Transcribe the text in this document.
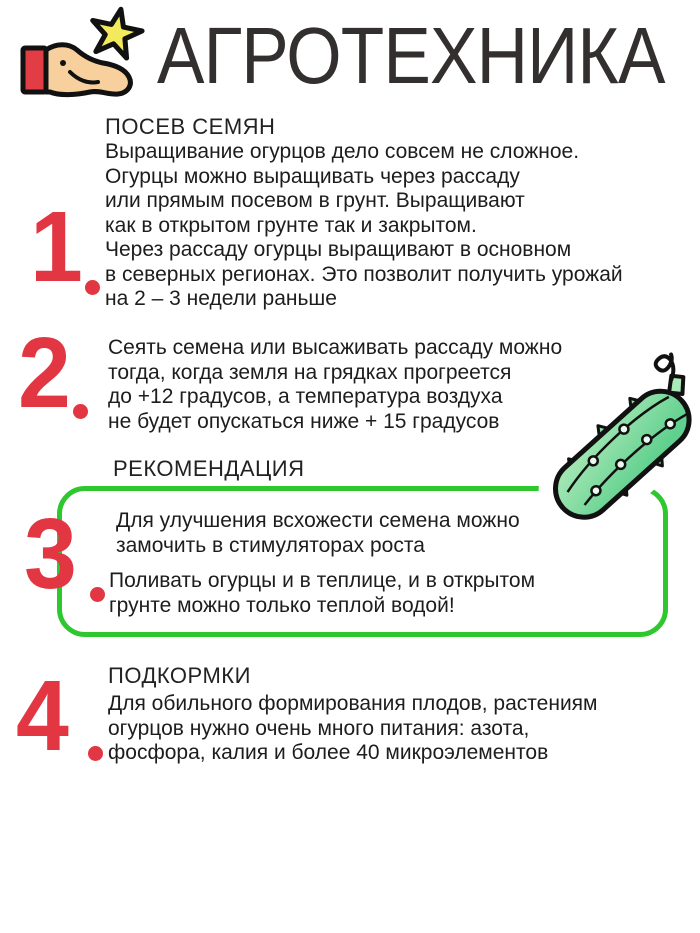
АГРОТЕХНИКА
ПОСЕВ СЕМЯН
1
Выращивание огурцов дело совсем не сложное.
Огурцы можно выращивать через рассаду
или прямым посевом в грунт. Выращивают
как в открытом грунте так и закрытом.
Через рассаду огурцы выращивают в основном
в северных регионах. Это позволит получить урожай
на 2 – 3 недели раньше
2 Сеять семена или высаживать рассаду можно
тогда, когда земля на грядках прогреется
до +12 градусов, а температура воздуха
не будет опускаться ниже + 15 градусов
РЕКОМЕНДАЦИЯ
3 Для улучшения всхожести семена можно
замочить в стимуляторах роста
Поливать огурцы и в теплице, и в открытом
грунте можно только теплой водой!
ПОДКОРМКИ
4 Для обильного формирования плодов, растениям
огурцов нужно очень много питания: азота,
фосфора, калия и более 40 микроэлементов
